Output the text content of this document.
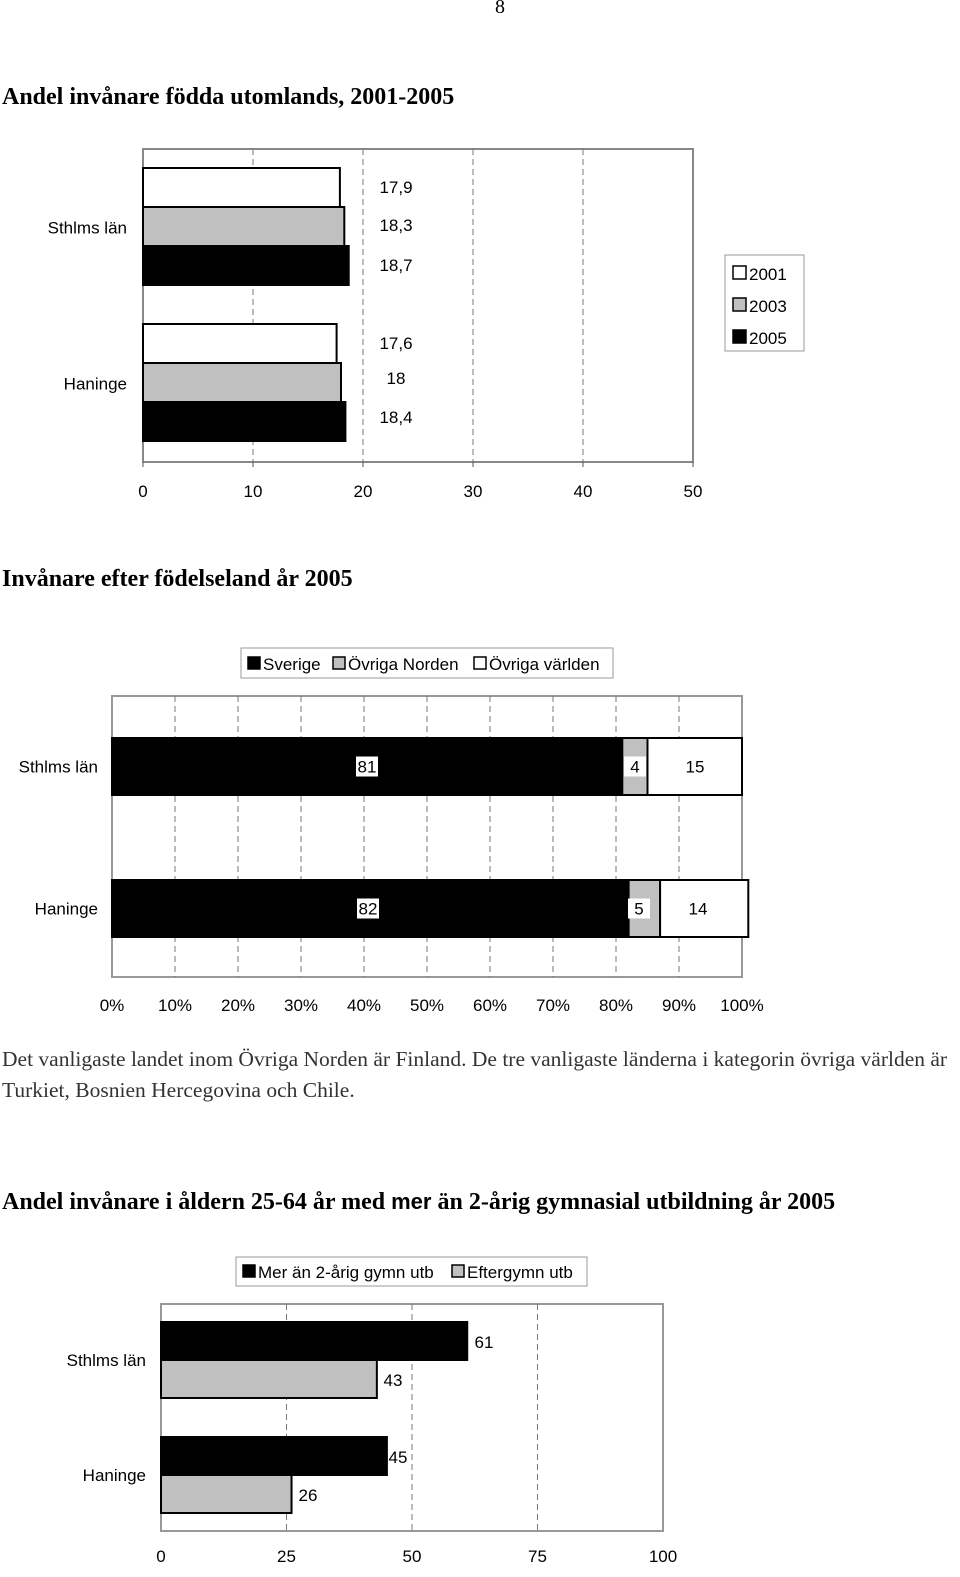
8
Andel invånare födda utomlands, 2001-2005
0	10	20	30	40	50
Sthlms län
17,9
18,3
18,7
Haninge
17,6
18
18,4
2001
2003
2005
Invånare efter födelseland år 2005
0% 10% 20% 30% 40% 50% 60% 70% 80% 90% 100%
Sthlms län	81	4	15
Haninge	82	5	14
Sverige Övriga Norden Övriga världen
Det vanligaste landet inom Övriga Norden är Finland. De tre vanligaste länderna i kategorin övriga världen är Turkiet, Bosnien Hercegovina och Chile.
Andel invånare i åldern 25-64 år med mer än 2-årig gymnasial utbildning år 2005
0	25	50	75	100
Sthlms län
61
43
Haninge
45
26
Mer än 2-årig gymn utb Eftergymn utb
